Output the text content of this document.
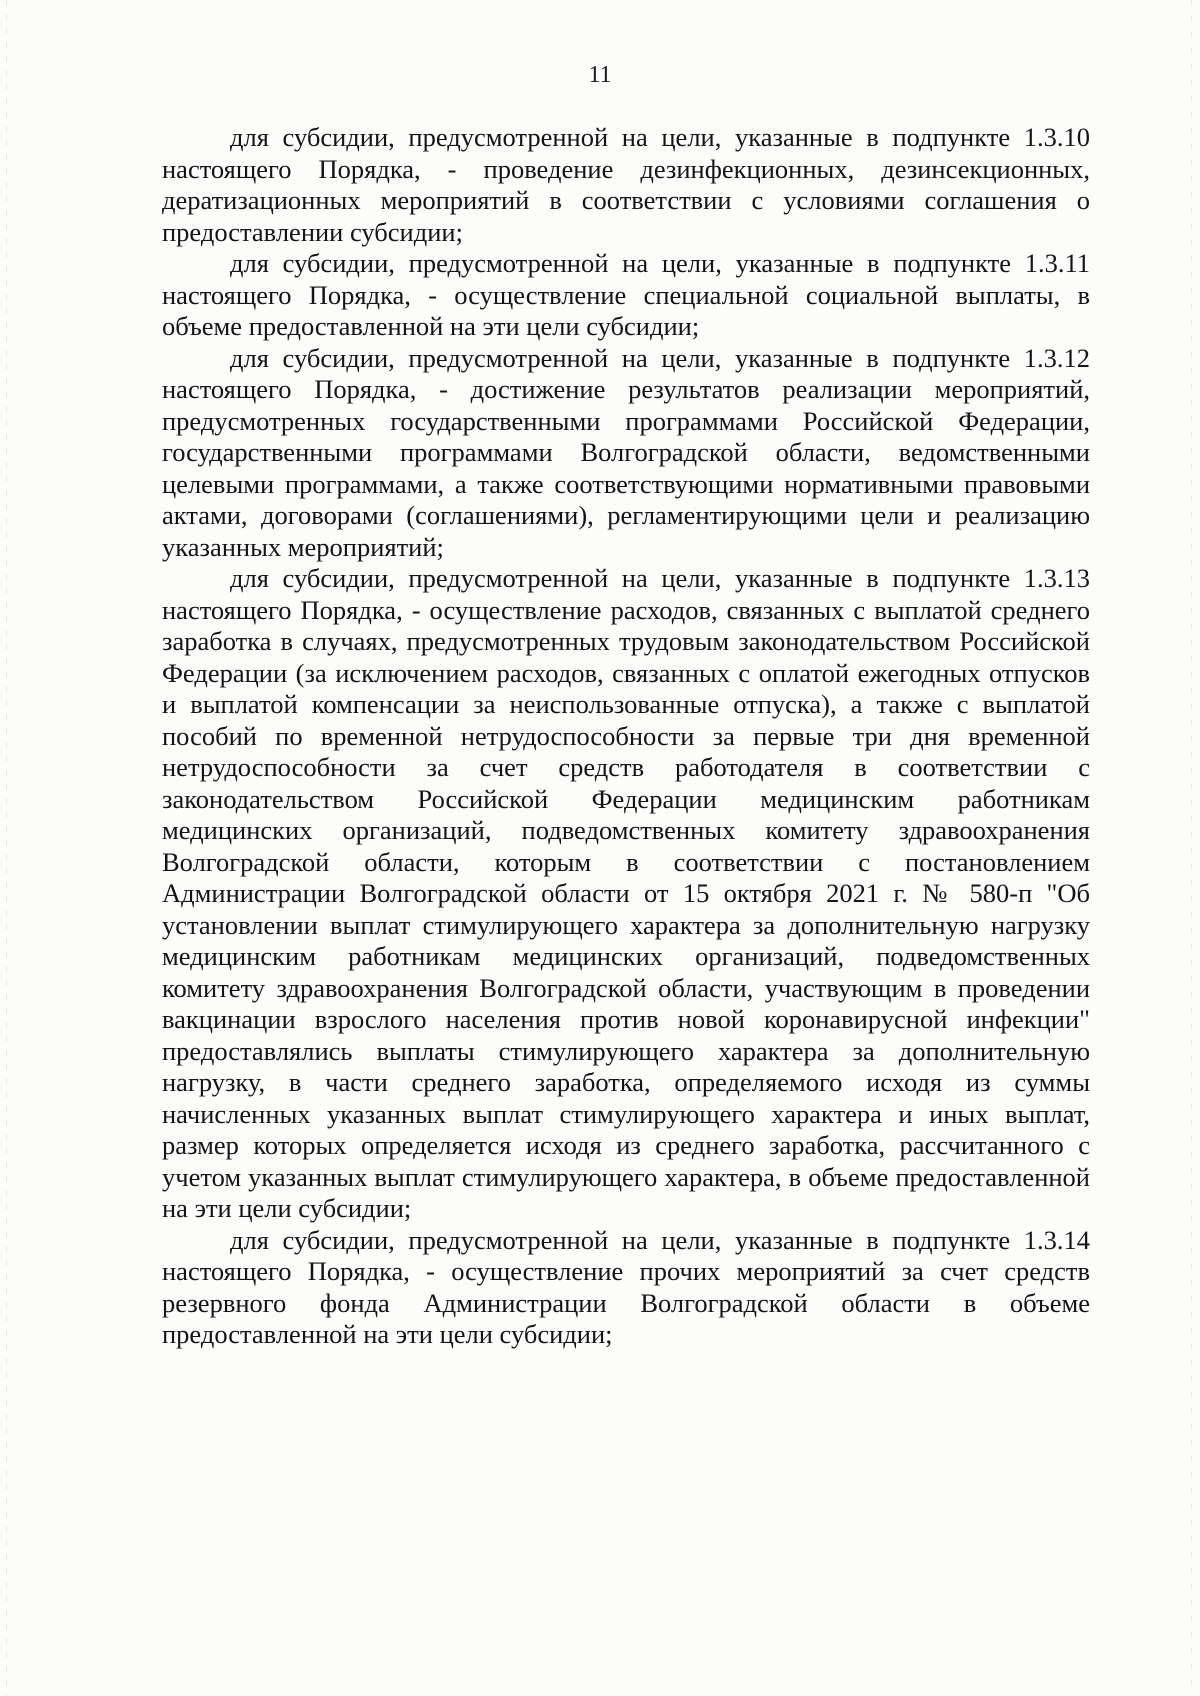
11

для субсидии, предусмотренной на цели, указанные в подпункте 1.3.10 настоящего Порядка, - проведение дезинфекционных, дезинсекционных, дератизационных мероприятий в соответствии с условиями соглашения о предоставлении субсидии;

для субсидии, предусмотренной на цели, указанные в подпункте 1.3.11 настоящего Порядка, - осуществление специальной социальной выплаты, в объеме предоставленной на эти цели субсидии;

для субсидии, предусмотренной на цели, указанные в подпункте 1.3.12 настоящего Порядка, - достижение результатов реализации мероприятий, предусмотренных государственными программами Российской Федерации, государственными программами Волгоградской области, ведомственными целевыми программами, а также соответствующими нормативными правовыми актами, договорами (соглашениями), регламентирующими цели и реализацию указанных мероприятий;

для субсидии, предусмотренной на цели, указанные в подпункте 1.3.13 настоящего Порядка, - осуществление расходов, связанных с выплатой среднего заработка в случаях, предусмотренных трудовым законодательством Российской Федерации (за исключением расходов, связанных с оплатой ежегодных отпусков и выплатой компенсации за неиспользованные отпуска), а также с выплатой пособий по временной нетрудоспособности за первые три дня временной нетрудоспособности за счет средств работодателя в соответствии с законодательством Российской Федерации медицинским работникам медицинских организаций, подведомственных комитету здравоохранения Волгоградской области, которым в соответствии с постановлением Администрации Волгоградской области от 15 октября 2021 г. № 580-п "Об установлении выплат стимулирующего характера за дополнительную нагрузку медицинским работникам медицинских организаций, подведомственных комитету здравоохранения Волгоградской области, участвующим в проведении вакцинации взрослого населения против новой коронавирусной инфекции" предоставлялись выплаты стимулирующего характера за дополнительную нагрузку, в части среднего заработка, определяемого исходя из суммы начисленных указанных выплат стимулирующего характера и иных выплат, размер которых определяется исходя из среднего заработка, рассчитанного с учетом указанных выплат стимулирующего характера, в объеме предоставленной на эти цели субсидии;

для субсидии, предусмотренной на цели, указанные в подпункте 1.3.14 настоящего Порядка, - осуществление прочих мероприятий за счет средств резервного фонда Администрации Волгоградской области в объеме предоставленной на эти цели субсидии;
